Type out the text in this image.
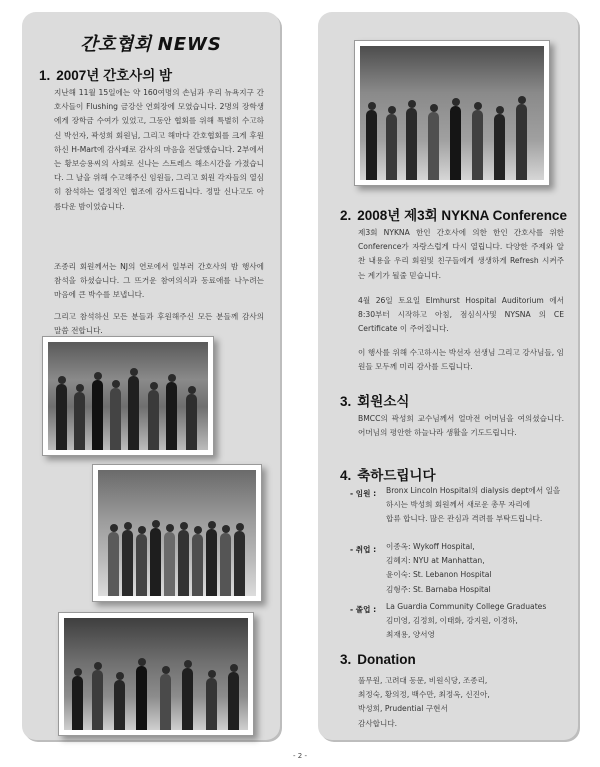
간호협회 NEWS
1. 2007년 간호사의 밤
지난해 11월 15일에는 약 160여명의 손님과 우리 뉴욕지구 간호사들이 Flushing 금강산 연회장에 모였습니다. 2명의 장학생에게 장학금 수여가 있었고, 그동안 협회를 위해 특별히 수고하신 박선자, 곽성희 회원님, 그리고 해마다 간호협회를 크게 후원하신 H-Mart에 감사패로 감사의 마음을 전달했습니다. 2부에서는 황보승용씨의 사회로 신나는 스트레스 해소시간을 가졌습니다. 그 날을 위해 수고해주신 임원들, 그리고 회원 각자들의 열심히 참석하는 열정적인 협조에 감사드립니다. 정말 신나고도 아름다운 밤이었습니다.
조종리 회원께서는 NJ의 연로에서 일부러 간호사의 밤 행사에 참석을 하셨습니다. 그 뜨거운 참여의식과 동료애를 나누려는 마음에 큰 박수를 보냅니다.
그리고 참석하신 모든 분들과 후원해주신 모든 분들께 감사의 말씀 전합니다.
2. 2008년 제3회 NYKNA Conference
제3회 NYKNA 한인 간호사에 의한 한인 간호사를 위한 Conference가 자랑스럽게 다시 열립니다. 다양한 주제와 알찬 내용을 우리 회원및 친구들에게 생생하게 Refresh 시켜주는 계기가 될줄 믿습니다.
4월 26일 토요일 Elmhurst Hospital Auditorium 에서 8:30부터 시작하고 아침, 점심식사및 NYSNA 의 CE Certificate 이 주어집니다.
이 행사를 위해 수고하시는 박선자 선생님 그리고 강사님들, 임원들 모두께 미리 감사를 드립니다.
3. 회원소식
BMCC의 곽성희 교수님께서 얼마전 어머님을 여의셨습니다. 어머님의 평안한 하늘나라 생활을 기도드립니다.
4. 축하드립니다
- 임원 : Bronx Lincoln Hospital의 dialysis dept에서 일을
하시는 박성희 회원께서 새로운 총무 자리에
합류 합니다. 많은 관심과 격려를 부탁드립니다.
- 취업 : 이종옥: Wykoff Hospital,
김혜지: NYU at Manhattan,
윤이숙: St. Lebanon Hospital
김형주: St. Barnaba Hospital
- 졸업 : La Guardia Community College Graduates
김미영, 김정희, 이태화, 강지원, 이경하,
최재용, 양서영
3. Donation
풀무원, 고려대 동문, 비원식당, 조종리,
최정숙, 황의정, 백수만, 최정옥, 신진아,
박성희, Prudential 구현서
감사합니다.
- 2 -
